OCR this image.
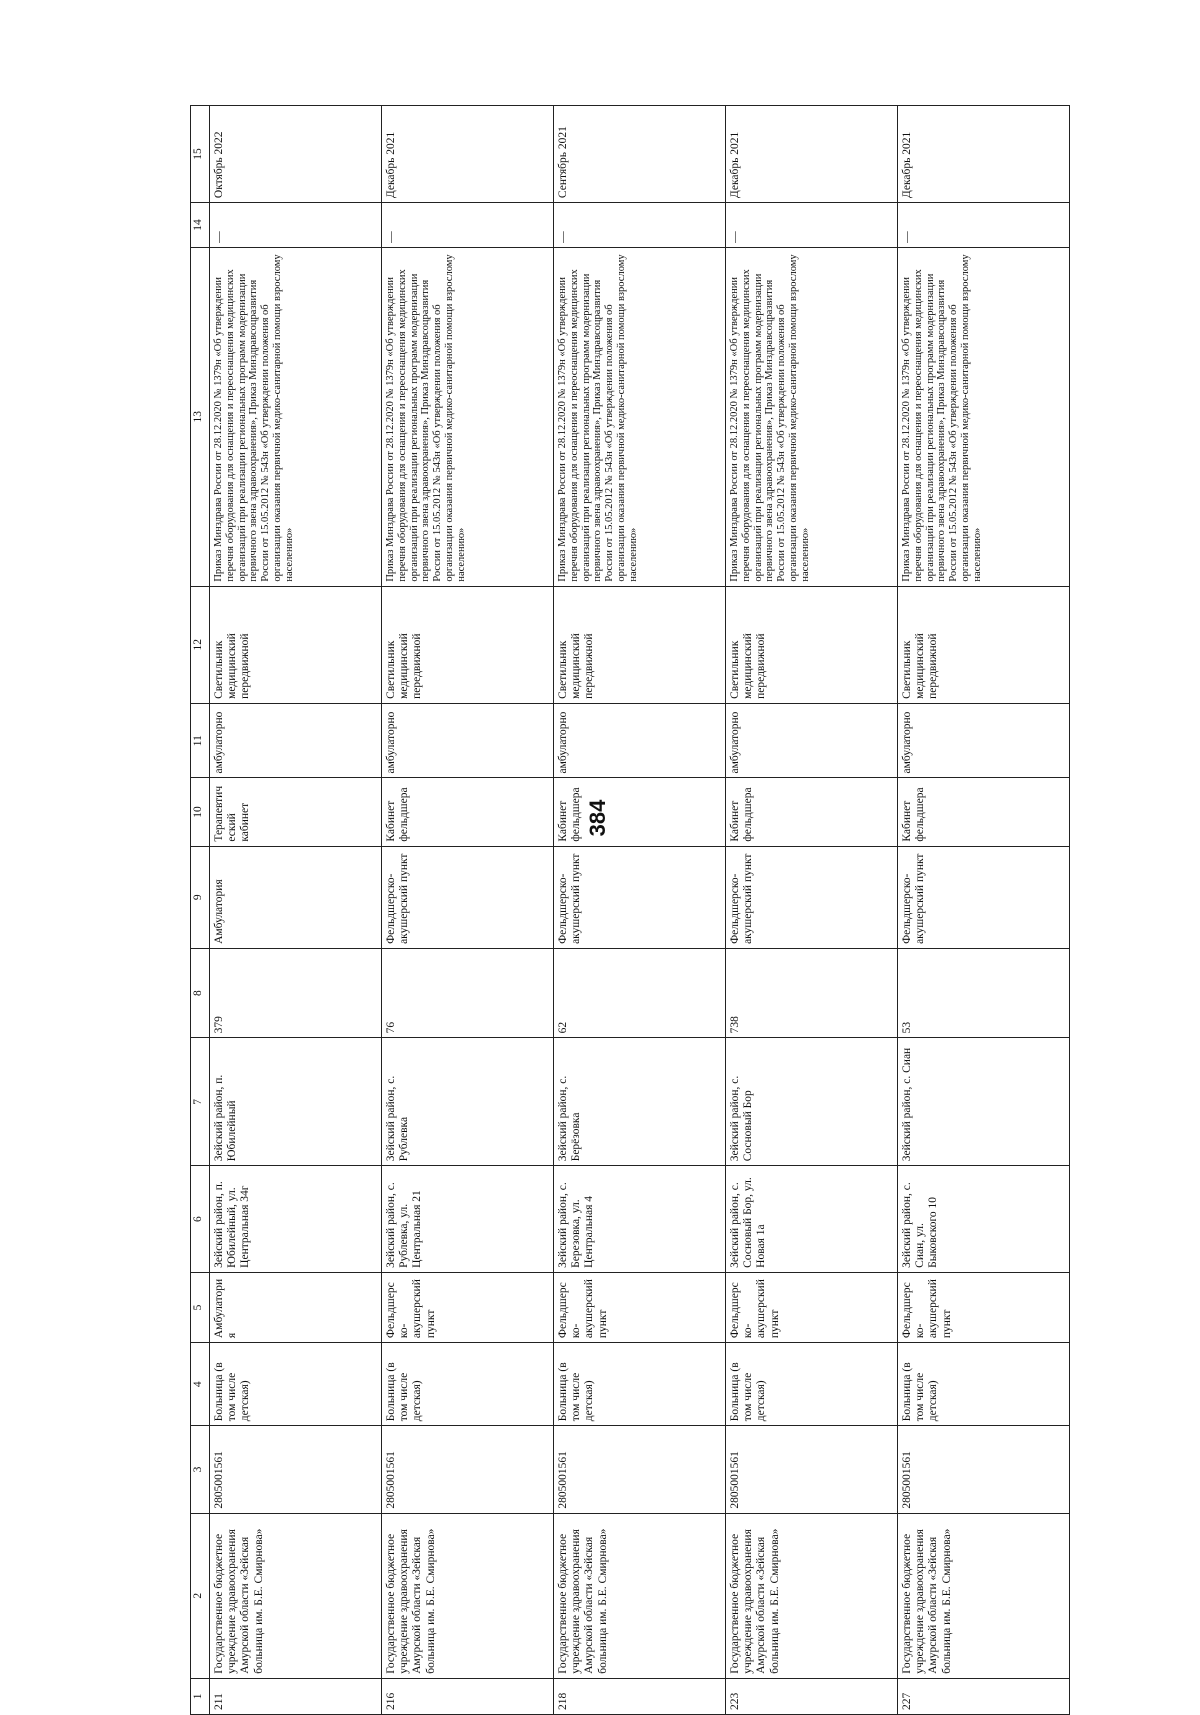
384
1	2	3	4	5	6	7	8	9	10	11	12	13	14	15
211	Государственное бюджетное учреждение здравоохранения Амурской области «Зейская больница им. Б.Е. Смирнова»	2805001561	Больница (в том числе детская)	Амбулатория	Зейский район, п. Юбилейный, ул. Центральная 34г	Зейский район, п. Юбилейный	379	Амбулатория	Терапевтический кабинет	амбулаторно	Светильник медицинский передвижной	Приказ Минздрава России от 28.12.2020 № 1379н «Об утверждении перечня оборудования для оснащения и переоснащения медицинских организаций при реализации региональных программ модернизации первичного звена здравоохранения», Приказ Минздравсоцразвития России от 15.05.2012 № 543н «Об утверждении положения об организации оказания первичной медико-санитарной помощи взрослому населению»	—	Октябрь 2022
216	Государственное бюджетное учреждение здравоохранения Амурской области «Зейская больница им. Б.Е. Смирнова»	2805001561	Больница (в том числе детская)	Фельдшерско-акушерский пункт	Зейский район, с. Рублевка, ул. Центральная 21	Зейский район, с. Рублевка	76	Фельдшерско-акушерский пункт	Кабинет фельдшера	амбулаторно	Светильник медицинский передвижной	Приказ Минздрава России от 28.12.2020 № 1379н «Об утверждении перечня оборудования для оснащения и переоснащения медицинских организаций при реализации региональных программ модернизации первичного звена здравоохранения», Приказ Минздравсоцразвития России от 15.05.2012 № 543н «Об утверждении положения об организации оказания первичной медико-санитарной помощи взрослому населению»	—	Декабрь 2021
218	Государственное бюджетное учреждение здравоохранения Амурской области «Зейская больница им. Б.Е. Смирнова»	2805001561	Больница (в том числе детская)	Фельдшерско-акушерский пункт	Зейский район, с. Березовка, ул. Центральная 4	Зейский район, с. Берёзовка	62	Фельдшерско-акушерский пункт	Кабинет фельдшера	амбулаторно	Светильник медицинский передвижной	Приказ Минздрава России от 28.12.2020 № 1379н «Об утверждении перечня оборудования для оснащения и переоснащения медицинских организаций при реализации региональных программ модернизации первичного звена здравоохранения», Приказ Минздравсоцразвития России от 15.05.2012 № 543н «Об утверждении положения об организации оказания первичной медико-санитарной помощи взрослому населению»	—	Сентябрь 2021
223	Государственное бюджетное учреждение здравоохранения Амурской области «Зейская больница им. Б.Е. Смирнова»	2805001561	Больница (в том числе детская)	Фельдшерско-акушерский пункт	Зейский район, с. Сосновый Бор, ул. Новая 1а	Зейский район, с. Сосновый Бор	738	Фельдшерско-акушерский пункт	Кабинет фельдшера	амбулаторно	Светильник медицинский передвижной	Приказ Минздрава России от 28.12.2020 № 1379н «Об утверждении перечня оборудования для оснащения и переоснащения медицинских организаций при реализации региональных программ модернизации первичного звена здравоохранения», Приказ Минздравсоцразвития России от 15.05.2012 № 543н «Об утверждении положения об организации оказания первичной медико-санитарной помощи взрослому населению»	—	Декабрь 2021
227	Государственное бюджетное учреждение здравоохранения Амурской области «Зейская больница им. Б.Е. Смирнова»	2805001561	Больница (в том числе детская)	Фельдшерско-акушерский пункт	Зейский район, с. Сиан, ул. Быковского 10	Зейский район, с. Сиан	53	Фельдшерско-акушерский пункт	Кабинет фельдшера	амбулаторно	Светильник медицинский передвижной	Приказ Минздрава России от 28.12.2020 № 1379н «Об утверждении перечня оборудования для оснащения и переоснащения медицинских организаций при реализации региональных программ модернизации первичного звена здравоохранения», Приказ Минздравсоцразвития России от 15.05.2012 № 543н «Об утверждении положения об организации оказания первичной медико-санитарной помощи взрослому населению»	—	Декабрь 2021
